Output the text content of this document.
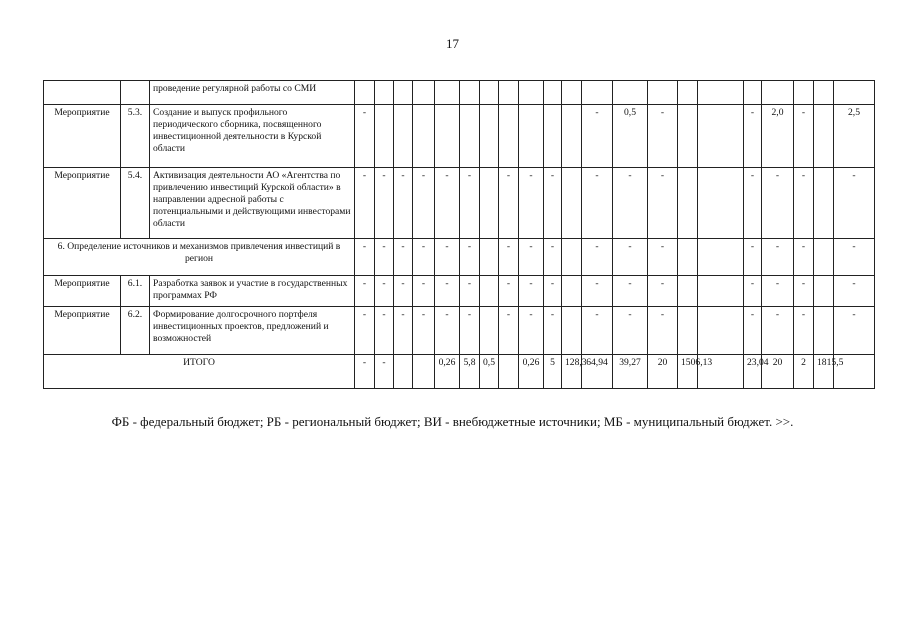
17
		проведение регулярной работы со СМИ																					
Мероприятие	5.3.	Создание и выпуск профильного периодического сборника, посвященного инвестиционной деятельности в Курской области	-											-	0,5	-			-	2,0	-		2,5
Мероприятие	5.4.	Активизация деятельности АО «Агентства по привлечению инвестиций Курской области» в направлении адресной работы с потенциальными и действующими инвесторами области	-	-	-	-	-	-		-	-	-		-	-	-			-	-	-		-
6. Определение источников и механизмов привлечения инвестиций в регион			-	-	-	-	-	-		-	-	-		-	-	-			-	-	-		-
Мероприятие	6.1.	Разработка заявок и участие в государственных программах РФ	-	-	-	-	-	-		-	-	-		-	-	-			-	-	-		-
Мероприятие	6.2.	Формирование долгосрочного портфеля инвестиционных проектов, предложений и возможностей	-	-	-	-	-	-		-	-	-		-	-	-			-	-	-		-
ИТОГО			-	-			0,26	5,8	0,5		0,26	5	128,3	64,94	39,27	20	1506,13		23,04	20	2	1815,5	
ФБ - федеральный бюджет; РБ - региональный бюджет; ВИ - внебюджетные источники; МБ - муниципальный бюджет. >>.
